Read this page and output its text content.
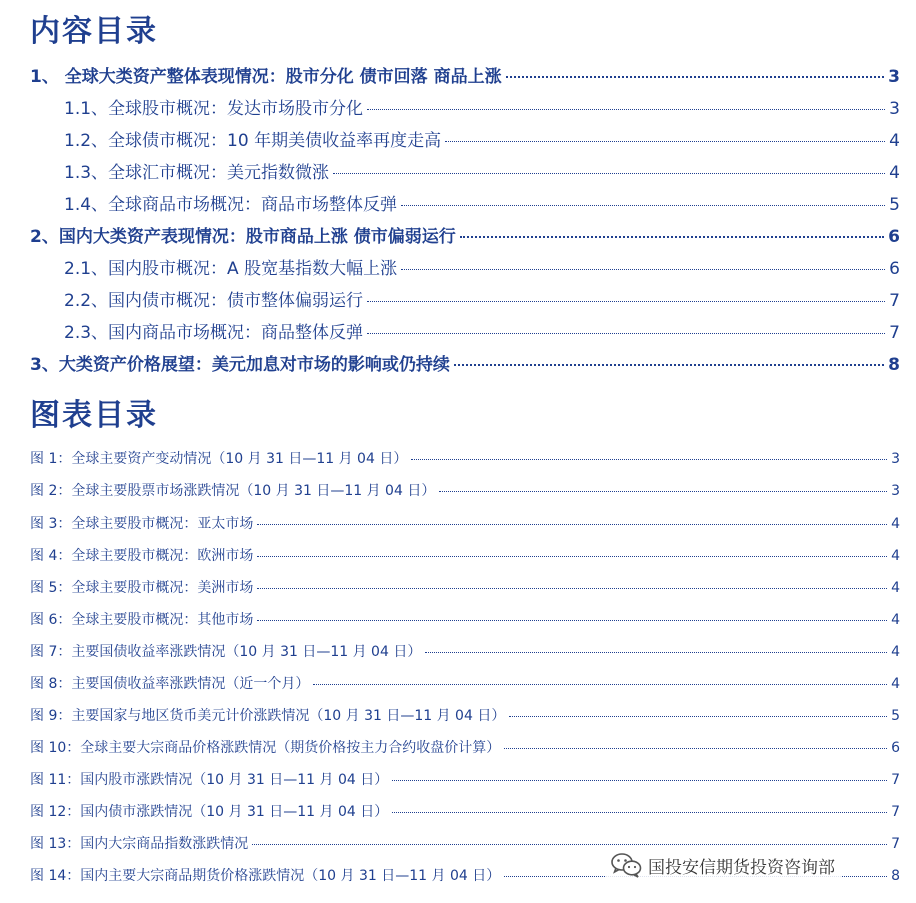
内容目录
1、 全球大类资产整体表现情况：股市分化 债市回落 商品上涨	3
1.1、全球股市概况：发达市场股市分化	3
1.2、全球债市概况：10 年期美债收益率再度走高	4
1.3、全球汇市概况：美元指数微涨	4
1.4、全球商品市场概况：商品市场整体反弹	5
2、国内大类资产表现情况：股市商品上涨 债市偏弱运行	6
2.1、国内股市概况：A 股宽基指数大幅上涨	6
2.2、国内债市概况：债市整体偏弱运行	7
2.3、国内商品市场概况：商品整体反弹	7
3、大类资产价格展望：美元加息对市场的影响或仍持续	8
图表目录
图 1：全球主要资产变动情况（10 月 31 日—11 月 04 日）	3
图 2：全球主要股票市场涨跌情况（10 月 31 日—11 月 04 日）	3
图 3：全球主要股市概况：亚太市场	4
图 4：全球主要股市概况：欧洲市场	4
图 5：全球主要股市概况：美洲市场	4
图 6：全球主要股市概况：其他市场	4
图 7：主要国债收益率涨跌情况（10 月 31 日—11 月 04 日）	4
图 8：主要国债收益率涨跌情况（近一个月）	4
图 9：主要国家与地区货币美元计价涨跌情况（10 月 31 日—11 月 04 日）	5
图 10：全球主要大宗商品价格涨跌情况（期货价格按主力合约收盘价计算）	6
图 11：国内股市涨跌情况（10 月 31 日—11 月 04 日）	7
图 12：国内债市涨跌情况（10 月 31 日—11 月 04 日）	7
图 13：国内大宗商品指数涨跌情况	7
图 14：国内主要大宗商品期货价格涨跌情况（10 月 31 日—11 月 04 日）	8
国投安信期货投资咨询部
